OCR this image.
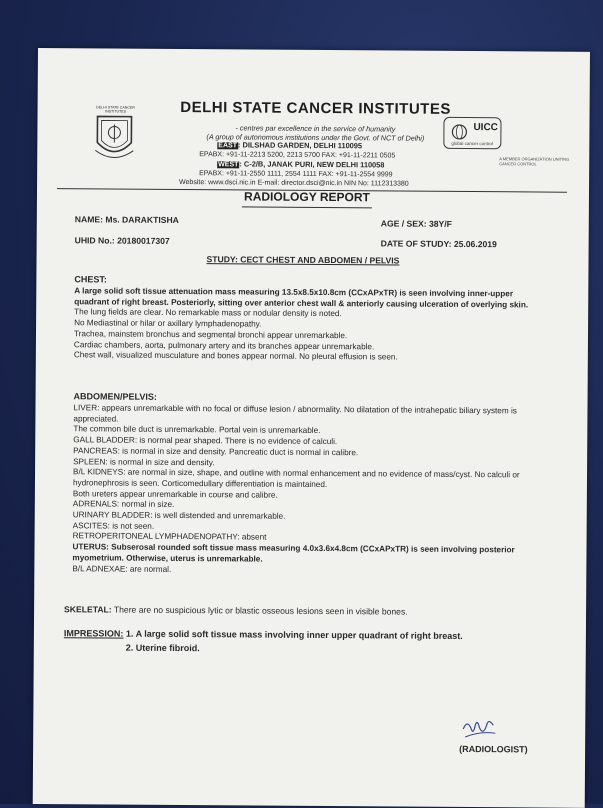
DELHI STATE CANCER INSTITUTES	DELHI STATE CANCER INSTITUTES
- centres par excellence in the service of humanity
(A group of autonomous institutions under the Govt. of NCT of Delhi)
EAST: DILSHAD GARDEN, DELHI 110095
EPABX: +91-11-2213 5200, 2213 5700 FAX: +91-11-2211 0505
WEST: C-2/B, JANAK PURI, NEW DELHI 110058
EPABX: +91-11-2550 1111, 2554 1111 FAX: +91-11-2554 9999
Website: www.dsci.nic.in E-mail: director.dsci@nic.in NIN No: 1112313380
UICC
global cancer control
A MEMBER ORGANIZATION UNITING CANCER CONTROL
RADIOLOGY REPORT
NAME: Ms. DARAKTISHA	AGE / SEX: 38Y/F
UHID No.: 20180017307	DATE OF STUDY: 25.06.2019
STUDY: CECT CHEST AND ABDOMEN / PELVIS
CHEST:

A large solid soft tissue attenuation mass measuring 13.5x8.5x10.8cm (CCxAPxTR) is seen involving inner-upper quadrant of right breast. Posteriorly, sitting over anterior chest wall & anteriorly causing ulceration of overlying skin.

The lung fields are clear. No remarkable mass or nodular density is noted.

No Mediastinal or hilar or axillary lymphadenopathy.

Trachea, mainstem bronchus and segmental bronchi appear unremarkable.

Cardiac chambers, aorta, pulmonary artery and its branches appear unremarkable.

Chest wall, visualized musculature and bones appear normal. No pleural effusion is seen.

ABDOMEN/PELVIS:

LIVER: appears unremarkable with no focal or diffuse lesion / abnormality. No dilatation of the intrahepatic biliary system is appreciated.

The common bile duct is unremarkable. Portal vein is unremarkable.

GALL BLADDER: is normal pear shaped. There is no evidence of calculi.

PANCREAS: is normal in size and density. Pancreatic duct is normal in calibre.

SPLEEN: is normal in size and density.

B/L KIDNEYS: are normal in size, shape, and outline with normal enhancement and no evidence of mass/cyst. No calculi or hydronephrosis is seen. Corticomedullary differentiation is maintained.

Both ureters appear unremarkable in course and calibre.

ADRENALS: normal in size.

URINARY BLADDER: is well distended and unremarkable.

ASCITES: is not seen.

RETROPERITONEAL LYMPHADENOPATHY: absent

UTERUS: Subserosal rounded soft tissue mass measuring 4.0x3.6x4.8cm (CCxAPxTR) is seen involving posterior myometrium. Otherwise, uterus is unremarkable.

B/L ADNEXAE: are normal.

SKELETAL: There are no suspicious lytic or blastic osseous lesions seen in visible bones.
IMPRESSION: 1. A large solid soft tissue mass involving inner upper quadrant of right breast.
2. Uterine fibroid.
(RADIOLOGIST)
